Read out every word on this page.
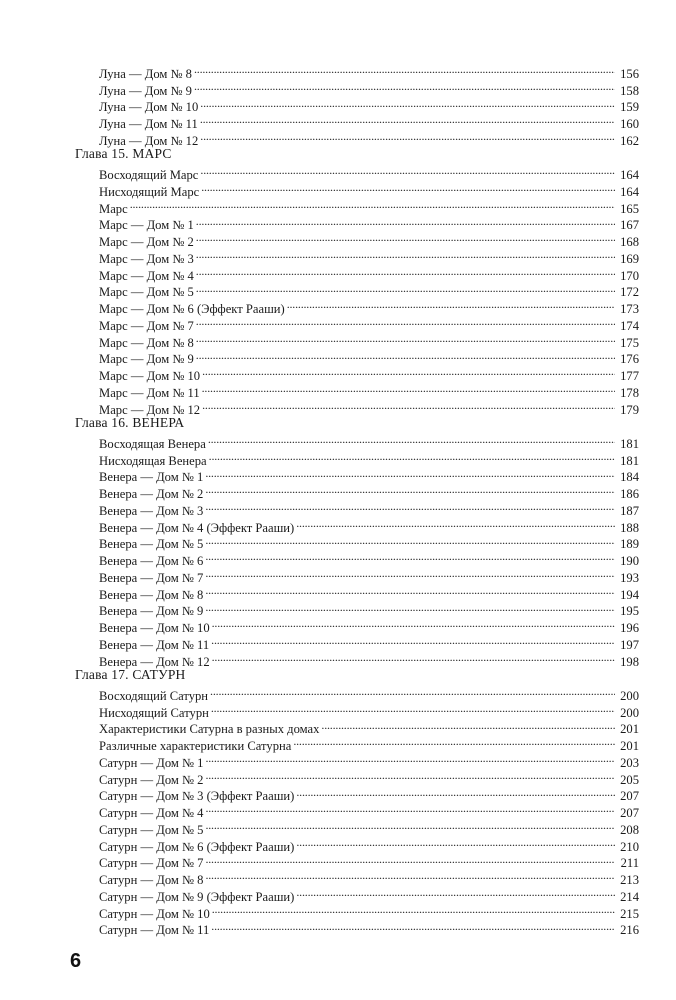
Луна — Дом № 8 . . .	156
Луна — Дом № 9 . . .	158
Луна — Дом № 10 . . .	159
Луна — Дом № 11 . . .	160
Луна — Дом № 12 . . .	162
Глава 15. МАРС
Восходящий Марс . . .	164
Нисходящий Марс . . .	164
Марс . . .	165
Марс — Дом № 1 . . .	167
Марс — Дом № 2 . . .	168
Марс — Дом № 3 . . .	169
Марс — Дом № 4 . . .	170
Марс — Дом № 5 . . .	172
Марс — Дом № 6 (Эффект Рааши) . . .	173
Марс — Дом № 7 . . .	174
Марс — Дом № 8 . . .	175
Марс — Дом № 9 . . .	176
Марс — Дом № 10 . . .	177
Марс — Дом № 11 . . .	178
Марс — Дом № 12 . . .	179
Глава 16. ВЕНЕРА
Восходящая Венера . . .	181
Нисходящая Венера . . .	181
Венера — Дом № 1 . . .	184
Венера — Дом № 2 . . .	186
Венера — Дом № 3 . . .	187
Венера — Дом № 4 (Эффект Рааши) . . .	188
Венера — Дом № 5 . . .	189
Венера — Дом № 6 . . .	190
Венера — Дом № 7 . . .	193
Венера — Дом № 8 . . .	194
Венера — Дом № 9 . . .	195
Венера — Дом № 10 . . .	196
Венера — Дом № 11 . . .	197
Венера — Дом № 12 . . .	198
Глава 17. САТУРН
Восходящий Сатурн . . .	200
Нисходящий Сатурн . . .	200
Характеристики Сатурна в разных домах . . .	201
Различные характеристики Сатурна . . .	201
Сатурн — Дом № 1 . . .	203
Сатурн — Дом № 2 . . .	205
Сатурн — Дом № 3 (Эффект Рааши) . . .	207
Сатурн — Дом № 4 . . .	207
Сатурн — Дом № 5 . . .	208
Сатурн — Дом № 6 (Эффект Рааши) . . .	210
Сатурн — Дом № 7 . . .	211
Сатурн — Дом № 8 . . .	213
Сатурн — Дом № 9 (Эффект Рааши) . . .	214
Сатурн — Дом № 10 . . .	215
Сатурн — Дом № 11 . . .	216
6
